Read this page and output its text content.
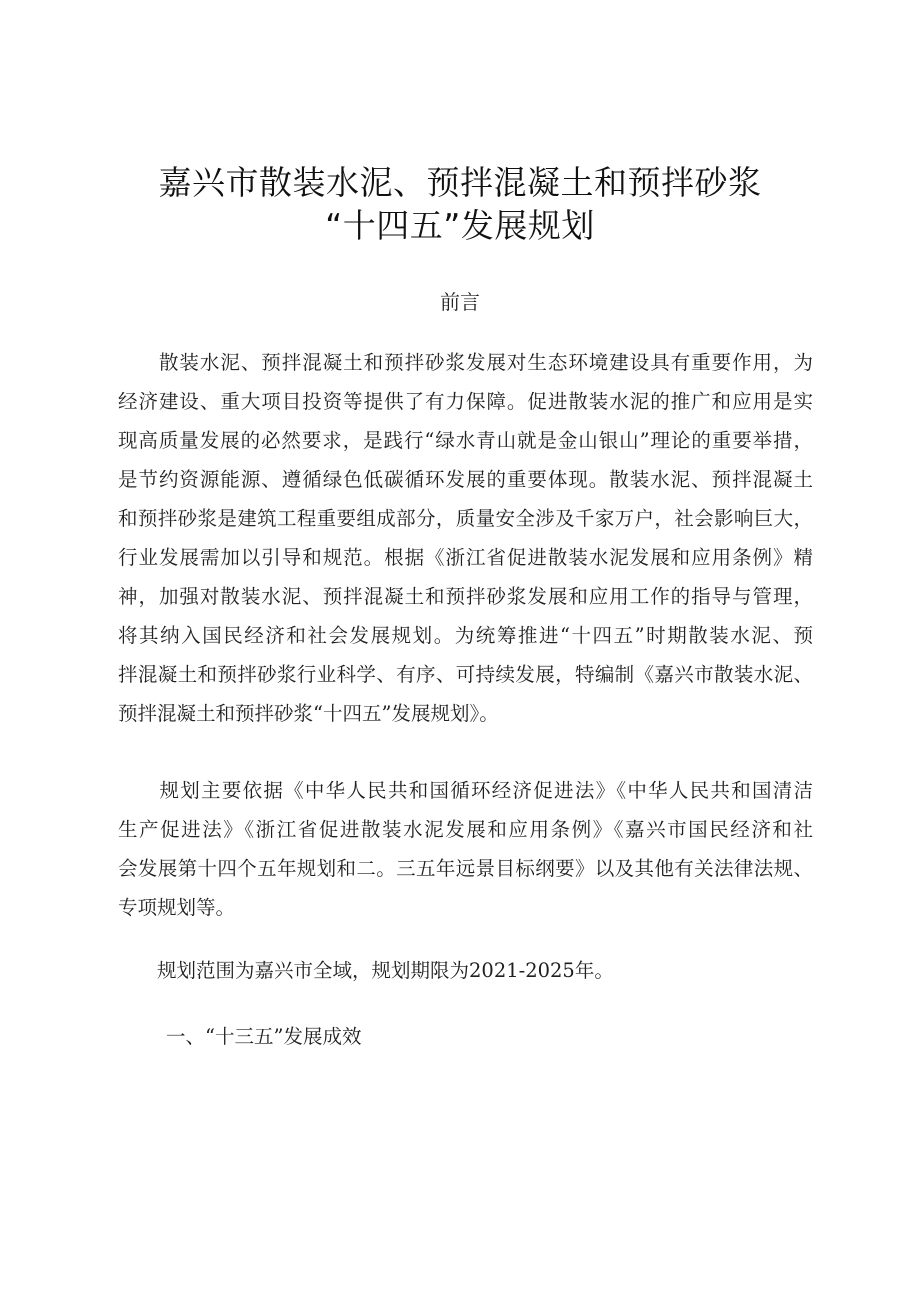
嘉兴市散装水泥、预拌混凝土和预拌砂浆
“十四五”发展规划
前言
　　散装水泥、预拌混凝土和预拌砂浆发展对生态环境建设具有重要作用，为
经济建设、重大项目投资等提供了有力保障。促进散装水泥的推广和应用是实
现高质量发展的必然要求，是践行“绿水青山就是金山银山”理论的重要举措，
是节约资源能源、遵循绿色低碳循环发展的重要体现。散装水泥、预拌混凝土
和预拌砂浆是建筑工程重要组成部分，质量安全涉及千家万户，社会影响巨大，
行业发展需加以引导和规范。根据《浙江省促进散装水泥发展和应用条例》精
神，加强对散装水泥、预拌混凝土和预拌砂浆发展和应用工作的指导与管理，
将其纳入国民经济和社会发展规划。为统筹推进“十四五”时期散装水泥、预
拌混凝土和预拌砂浆行业科学、有序、可持续发展，特编制《嘉兴市散装水泥、
预拌混凝土和预拌砂浆“十四五”发展规划》。
　　规划主要依据《中华人民共和国循环经济促进法》《中华人民共和国清洁
生产促进法》《浙江省促进散装水泥发展和应用条例》《嘉兴市国民经济和社
会发展第十四个五年规划和二。三五年远景目标纲要》以及其他有关法律法规、
专项规划等。
　　规划范围为嘉兴市全域，规划期限为2021-2025年。
一、“十三五”发展成效
